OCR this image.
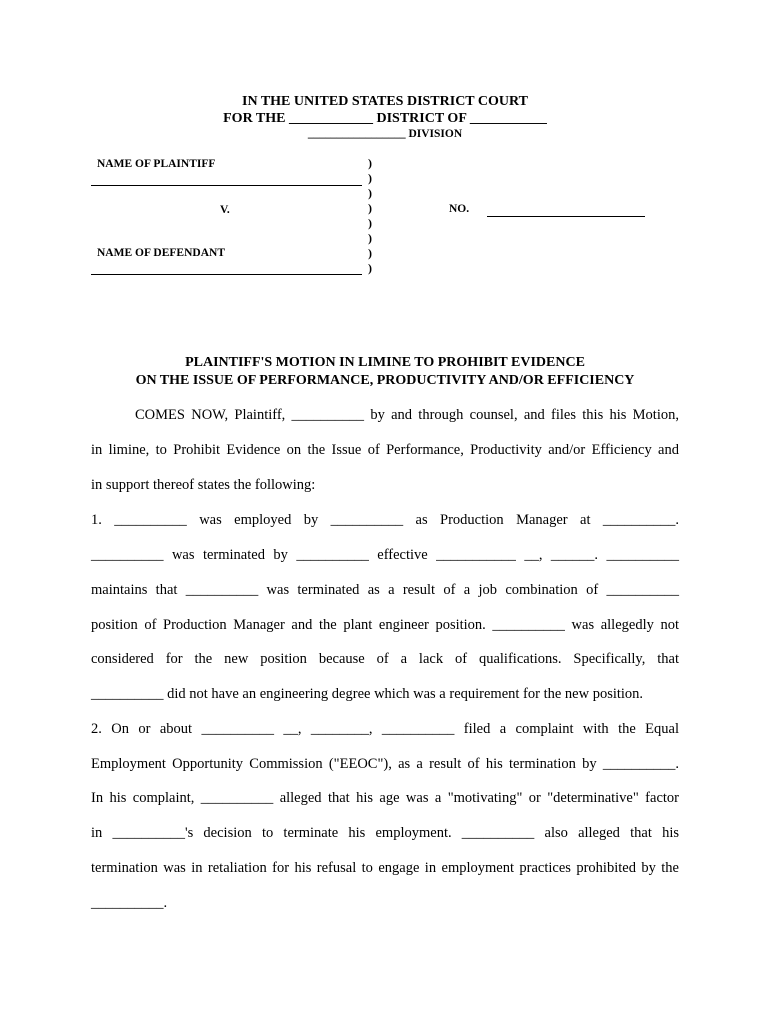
IN THE UNITED STATES DISTRICT COURT
FOR THE ____________ DISTRICT OF ___________
_________________ DIVISION
NAME OF PLAINTIFF
V.
NAME OF DEFENDANT
)
)
)
)
)
)
)
)
NO.
PLAINTIFF'S MOTION IN LIMINE TO PROHIBIT EVIDENCE
ON THE ISSUE OF PERFORMANCE, PRODUCTIVITY AND/OR EFFICIENCY
COMES NOW, Plaintiff, __________ by and through counsel, and files this his Motion,
in limine, to Prohibit Evidence on the Issue of Performance, Productivity and/or Efficiency and
in support thereof states the following:
1. __________ was employed by __________ as Production Manager at __________.
__________ was terminated by __________ effective ___________ __, ______. __________
maintains that __________ was terminated as a result of a job combination of __________
position of Production Manager and the plant engineer position. __________ was allegedly not
considered for the new position because of a lack of qualifications. Specifically, that
__________ did not have an engineering degree which was a requirement for the new position.
2. On or about __________ __, ________, __________ filed a complaint with the Equal
Employment Opportunity Commission ("EEOC"), as a result of his termination by __________.
In his complaint, __________ alleged that his age was a "motivating" or "determinative" factor
in __________'s decision to terminate his employment. __________ also alleged that his
termination was in retaliation for his refusal to engage in employment practices prohibited by the
__________.
